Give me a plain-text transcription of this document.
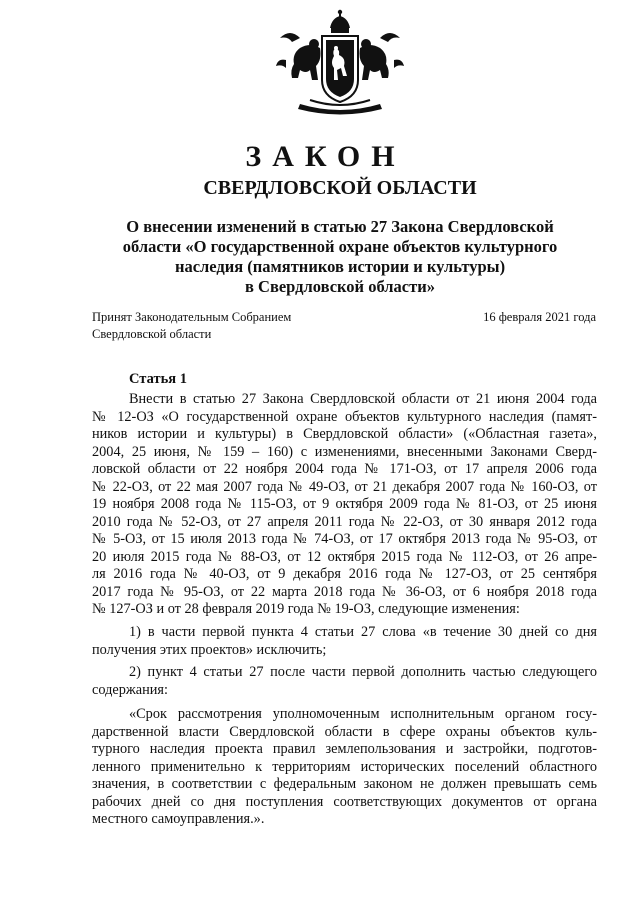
ЗАКОН
СВЕРДЛОВСКОЙ ОБЛАСТИ
О внесении изменений в статью 27 Закона Свердловской
области «О государственной охране объектов культурного
наследия (памятников истории и культуры)
в Свердловской области»
Принят Законодательным Собранием
Свердловской области
16 февраля 2021 года
Статья 1
Внести в статью 27 Закона Свердловской области от 21 июня 2004 года
№ 12-ОЗ «О государственной охране объектов культурного наследия (памят-
ников истории и культуры) в Свердловской области» («Областная газета»,
2004, 25 июня, № 159 – 160) с изменениями, внесенными Законами Сверд-
ловской области от 22 ноября 2004 года № 171-ОЗ, от 17 апреля 2006 года
№ 22-ОЗ, от 22 мая 2007 года № 49-ОЗ, от 21 декабря 2007 года № 160-ОЗ, от
19 ноября 2008 года № 115-ОЗ, от 9 октября 2009 года № 81-ОЗ, от 25 июня
2010 года № 52-ОЗ, от 27 апреля 2011 года № 22-ОЗ, от 30 января 2012 года
№ 5-ОЗ, от 15 июля 2013 года № 74-ОЗ, от 17 октября 2013 года № 95-ОЗ, от
20 июля 2015 года № 88-ОЗ, от 12 октября 2015 года № 112-ОЗ, от 26 апре-
ля 2016 года № 40-ОЗ, от 9 декабря 2016 года № 127-ОЗ, от 25 сентября
2017 года № 95-ОЗ, от 22 марта 2018 года № 36-ОЗ, от 6 ноября 2018 года
№ 127-ОЗ и от 28 февраля 2019 года № 19-ОЗ, следующие изменения:
1) в части первой пункта 4 статьи 27 слова «в течение 30 дней со дня
получения этих проектов» исключить;
2) пункт 4 статьи 27 после части первой дополнить частью следующего
содержания:
«Срок рассмотрения уполномоченным исполнительным органом госу-
дарственной власти Свердловской области в сфере охраны объектов куль-
турного наследия проекта правил землепользования и застройки, подготов-
ленного применительно к территориям исторических поселений областного
значения, в соответствии с федеральным законом не должен превышать семь
рабочих дней со дня поступления соответствующих документов от органа
местного самоуправления.».
